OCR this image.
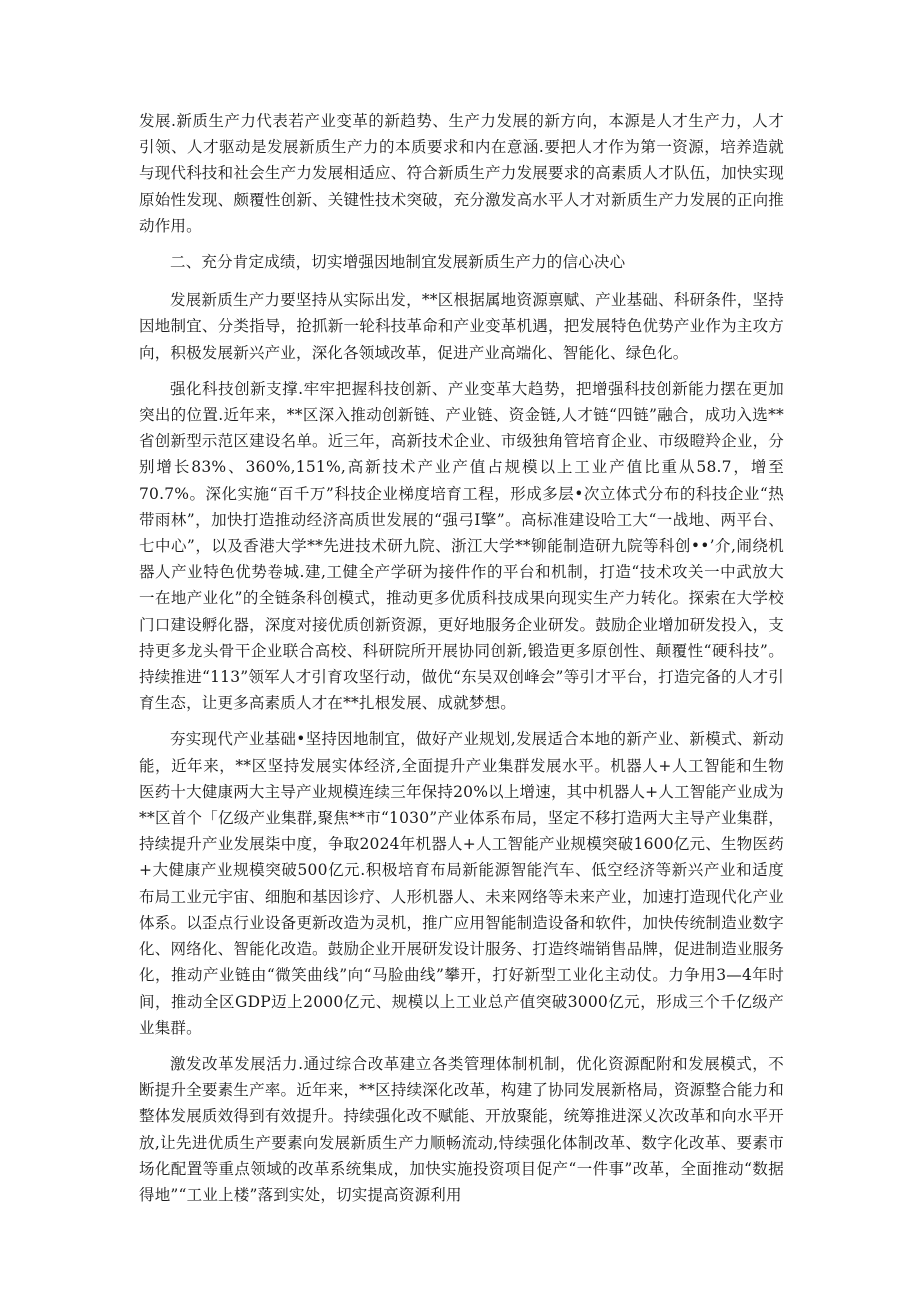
发展.新质生产力代表若产业变革的新趋势、生产力发展的新方向，本源是人才生产力，人才引领、人才驱动是发展新质生产力的本质要求和内在意涵.要把人才作为第一资源，培养造就与现代科技和社会生产力发展相适应、符合新质生产力发展要求的高素质人才队伍，加快实现原始性发现、颇覆性创新、关键性技术突破，充分激发高水平人才对新质生产力发展的正向推动作用。

二、充分肯定成绩，切实增强因地制宜发展新质生产力的信心决心

发展新质生产力要坚持从实际出发，**区根据属地资源禀赋、产业基础、科研条件，坚持因地制宜、分类指导，抢抓新一轮科技革命和产业变革机遇，把发展特色优势产业作为主攻方向，积极发展新兴产业，深化各领域改革，促进产业高端化、智能化、绿色化。

强化科技创新支撑.牢牢把握科技创新、产业变革大趋势，把增强科技创新能力摆在更加突出的位置.近年来，**区深入推动创新链、产业链、资金链,人才链“四链”融合，成功入选**省创新型示范区建设名单。近三年，高新技术企业、市级独角管培育企业、市级瞪羚企业，分别增长83%、360%,151%,高新技术产业产值占规模以上工业产值比重从58.7，增至70.7%。深化实施“百千万”科技企业梯度培育工程，形成多层•次立体式分布的科技企业“热带雨林”，加快打造推动经济高质世发展的“强弓I擎”。高标准建设哈工大“一战地、两平台、七中心”，以及香港大学**先进技术研九院、浙江大学**铆能制造研九院等科创••’介,闹绕机器人产业特色优势卷城.建,工健全产学研为接件作的平台和机制，打造“技术攻关一中武放大一在地产业化”的全链条科创模式，推动更多优质科技成果向现实生产力转化。探索在大学校门口建设孵化器，深度对接优质创新资源，更好地服务企业研发。鼓励企业增加研发投入，支持更多龙头骨干企业联合高校、科研院所开展协同创新,锻造更多原创性、颠覆性“硬科技”。持续推进“113”领军人才引育攻坚行动，做优“东吴双创峰会”等引才平台，打造完备的人才引育生态，让更多高素质人才在**扎根发展、成就梦想。

夯实现代产业基础•坚持因地制宜，做好产业规划,发展适合本地的新产业、新模式、新动能，近年来，**区坚持发展实体经济,全面提升产业集群发展水平。机器人+人工智能和生物医药十大健康两大主导产业规模连续三年保持20%以上增速，其中机器人+人工智能产业成为**区首个「亿级产业集群,聚焦**市“1030”产业体系布局，坚定不移打造两大主导产业集群，持续提升产业发展柒中度，争取2024年机器人+人工智能产业规模突破1600亿元、生物医药+大健康产业规模突破500亿元.积极培育布局新能源智能汽车、低空经济等新兴产业和适度布局工业元宇宙、细胞和基因诊疗、人形机器人、未来网络等未来产业，加速打造现代化产业体系。以歪点行业设备更新改造为灵机，推广应用智能制造设备和软件，加快传统制造业数字化、网络化、智能化改造。鼓励企业开展研发设计服务、打造终端销售品牌，促进制造业服务化，推动产业链由“微笑曲线”向“马脸曲线”攀开，打好新型工业化主动仗。力争用3—4年时间，推动全区GDP迈上2000亿元、规模以上工业总产值突破3000亿元，形成三个千亿级产业集群。

激发改革发展活力.通过综合改革建立各类管理体制机制，优化资源配附和发展模式，不断提升全要素生产率。近年来，**区持续深化改革，构建了协同发展新格局，资源整合能力和整体发展质效得到有效提升。持续强化改不赋能、开放聚能，统筹推进深乂次改革和向水平开放,让先进优质生产要素向发展新质生产力顺畅流动,恃续强化体制改革、数字化改革、要素市场化配置等重点领域的改革系统集成，加快实施投资项目促产“一件事”改革，全面推动“数据得地”“工业上楼”落到实处，切实提高资源利用
